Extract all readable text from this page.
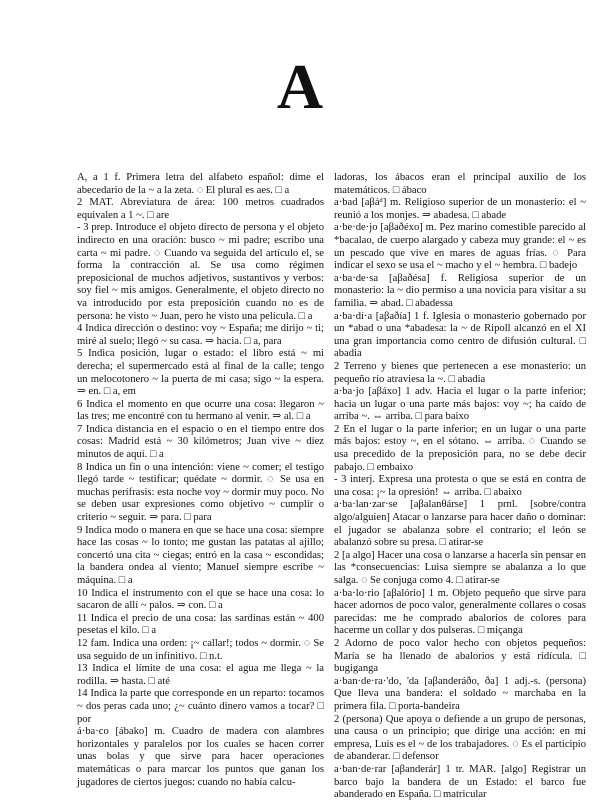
A

A, a 1 f. Primera letra del alfabeto español: dime el abecedario de la ~ a la zeta. ◌ El plural es aes. □ a

2 MAT. Abreviatura de área: 100 metros cuadrados equivalen a 1 ~. □ are

- 3 prep. Introduce el objeto directo de persona y el objeto indirecto en una oración: busco ~ mi padre; escribo una carta ~ mi padre. ◌ Cuando va seguida del artículo el, se forma la contracción al. Se usa como régimen preposicional de muchos adjetivos, sustantivos y verbos: soy fiel ~ mis amigos. Generalmente, el objeto directo no va introducido por esta preposición cuando no es de persona: he visto ~ Juan, pero he visto una película. □ a

4 Indica dirección o destino: voy ~ España; me dirijo ~ ti; miré al suelo; llegó ~ su casa. ⇒ hacia. □ a, para

5 Indica posición, lugar o estado: el libro está ~ mi derecha; el supermercado está al final de la calle; tengo un melocotonero ~ la puerta de mi casa; sigo ~ la espera. ⇒ en. □ a, em

6 Indica el momento en que ocurre una cosa: llegaron ~ las tres; me encontré con tu hermano al venir. ⇒ al. □ a

7 Indica distancia en el espacio o en el tiempo entre dos cosas: Madrid está ~ 30 kilómetros; Juan vive ~ diez minutos de aquí. □ a

8 Indica un fin o una intención: viene ~ comer; el testigo llegó tarde ~ testificar; quédate ~ dormir. ◌ Se usa en muchas perífrasis: esta noche voy ~ dormir muy poco. No se deben usar expresiones como objetivo ~ cumplir o criterio ~ seguir. ⇒ para. □ para

9 Indica modo o manera en que se hace una cosa: siempre hace las cosas ~ lo tonto; me gustan las patatas al ajillo; concertó una cita ~ ciegas; entró en la casa ~ escondidas; la bandera ondea al viento; Manuel siempre escribe ~ máquina. □ a

10 Indica el instrumento con el que se hace una cosa: lo sacaron de allí ~ palos. ⇒ con. □ a

11 Indica el precio de una cosa: las sardinas están ~ 400 pesetas el kilo. □ a

12 fam. Indica una orden: ¡~ callar!; todos ~ dormir. ◌ Se usa seguido de un infinitivo. □ n.t.

13 Indica el límite de una cosa: el agua me llega ~ la rodilla. ⇒ hasta. □ até

14 Indica la parte que corresponde en un reparto: tocamos ~ dos peras cada uno; ¿~ cuánto dinero vamos a tocar? □ por

á·ba·co [ábako] m. Cuadro de madera con alambres horizontales y paralelos por los cuales se hacen correr unas bolas y que sirve para hacer operaciones matemáticas o para marcar los puntos que ganan los jugadores de ciertos juegos: cuando no había calcu-

ladoras, los ábacos eran el principal auxilio de los matemáticos. □ ábaco

a·bad [aβáᵈ] m. Religioso superior de un monasterio: el ~ reunió a los monjes. ⇒ abadesa. □ abade

a·be·de·jo [aβaðéxo] m. Pez marino comestible parecido al *bacalao, de cuerpo alargado y cabeza muy grande: el ~ es un pescado que vive en mares de aguas frías. ◌ Para indicar el sexo se usa el ~ macho y el ~ hembra. □ badejo

a·ba·de·sa [aβaðésa] f. Religiosa superior de un monasterio: la ~ dio permiso a una novicia para visitar a su familia. ⇒ abad. □ abadessa

a·ba·dí·a [aβaðía] 1 f. Iglesia o monasterio gobernado por un *abad o una *abadesa: la ~ de Ripoll alcanzó en el XI una gran importancia como centro de difusión cultural. □ abadia

2 Terreno y bienes que pertenecen a ese monasterio: un pequeño río atraviesa la ~. □ abadia

a·ba·jo [aβáxo] 1 adv. Hacia el lugar o la parte inferior; hacia un lugar o una parte más bajos: voy ~; ha caído de arriba ~. ⇔ arriba. □ para baixo

2 En el lugar o la parte inferior; en un lugar o una parte más bajos: estoy ~, en el sótano. ⇔ arriba. ◌ Cuando se usa precedido de la preposición para, no se debe decir pabajo. □ embaixo

- 3 interj. Expresa una protesta o que se está en contra de una cosa: ¡~ la opresión! ⇔ arriba. □ abaixo

a·ba·lan·zar·se [aβalanθárse] 1 prnl. [sobre/contra algo/alguien] Atacar o lanzarse para hacer daño o dominar: el jugador se abalanza sobre el contrario; el león se abalanzó sobre su presa. □ atirar-se

2 [a algo] Hacer una cosa o lanzarse a hacerla sin pensar en las *consecuencias: Luisa siempre se abalanza a lo que salga. ◌ Se conjuga como 4. □ atirar-se

a·ba·lo·rio [aβalório] 1 m. Objeto pequeño que sirve para hacer adornos de poco valor, generalmente collares o cosas parecidas: me he comprado abalorios de colores para hacerme un collar y dos pulseras. □ miçanga

2 Adorno de poco valor hecho con objetos pequeños: María se ha llenado de abalorios y está ridícula. □ bugiganga

a·ban·de·ra·'do, 'da [aβanderáðo, ða] 1 adj.-s. (persona) Que lleva una bandera: el soldado ~ marchaba en la primera fila. □ porta-bandeira

2 (persona) Que apoya o defiende a un grupo de personas, una causa o un principio; que dirige una acción: en mi empresa, Luis es el ~ de los trabajadores. ◌ Es el participio de abanderar. □ defensor

a·ban·de·rar [aβanderár] 1 tr. MAR. [algo] Registrar un barco bajo la bandera de un Estado: el barco fue abanderado en España. □ matricular
